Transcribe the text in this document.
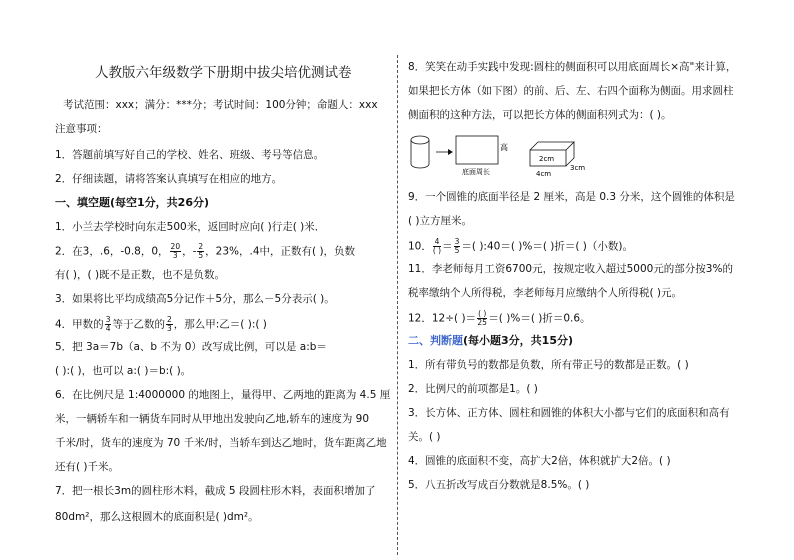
人教版六年级数学下册期中拔尖培优测试卷
考试范围：xxx；满分：***分；考试时间：100分钟；命题人：xxx
注意事项：
1．答题前填写好自己的学校、姓名、班级、考号等信息。
2．仔细读题，请将答案认真填写在相应的地方。
一、填空题(每空1分，共26分)
1．小兰去学校时向东走500米，返回时应向( )行走( )米．
2．在3，.6，-0.8，0， $\frac{20}{3}$ ，- $\frac{2}{5}$ ，23%，.4中，正数有( )，负数
有( )，( )既不是正数，也不是负数。
3．如果将比平均成绩高5分记作＋5分，那么－5分表示( )。
4．甲数的 $\frac{3}{4}$ 等于乙数的 $\frac{2}{3}$ ，那么甲:乙＝( ):( )
5．把 3a＝7b（a、b 不为 0）改写成比例，可以是 a:b＝
( ):( )，也可以 a:( )＝b:( )。
6．在比例尺是 1:4000000 的地图上，量得甲、乙两地的距离为 4.5 厘
米，一辆轿车和一辆货车同时从甲地出发驶向乙地,轿车的速度为 90
千米/时，货车的速度为 70 千米/时，当轿车到达乙地时，货车距离乙地
还有( )千米。
7．把一根长3m的圆柱形木料，截成 5 段圆柱形木料，表面积增加了
80dm²，那么这根圆木的底面积是( )dm²。
8．笑笑在动手实践中发现:圆柱的侧面积可以用底面周长×高"来计算，
如果把长方体（如下图）的前、后、左、右四个面称为侧面。用求圆柱
侧面积的这种方法，可以把长方体的侧面积列式为：( )。
高
底面周长
2cm
3cm
4cm
9．一个圆锥的底面半径是 2 厘米，高是 0.3 分米，这个圆锥的体积是
( )立方厘米。
10． $\frac{4}{( )} = \frac{3}{5}$ ＝( ):40＝( )%＝( )折＝( )（小数)。
11．李老师每月工资6700元，按规定收入超过5000元的部分按3%的
税率缴纳个人所得税，李老师每月应缴纳个人所得税( )元。
12．12÷( )＝ $\frac{( )}{25}$ ＝( )%＝( )折＝0.6。
二、判断题(每小题3分，共15分)
1．所有带负号的数都是负数，所有带正号的数都是正数。( )
2．比例尺的前项都是1。( )
3．长方体、正方体、圆柱和圆锥的体积大小都与它们的底面积和高有
关。( )
4．圆锥的底面积不变，高扩大2倍，体积就扩大2倍。( )
5．八五折改写成百分数就是8.5%。( )
